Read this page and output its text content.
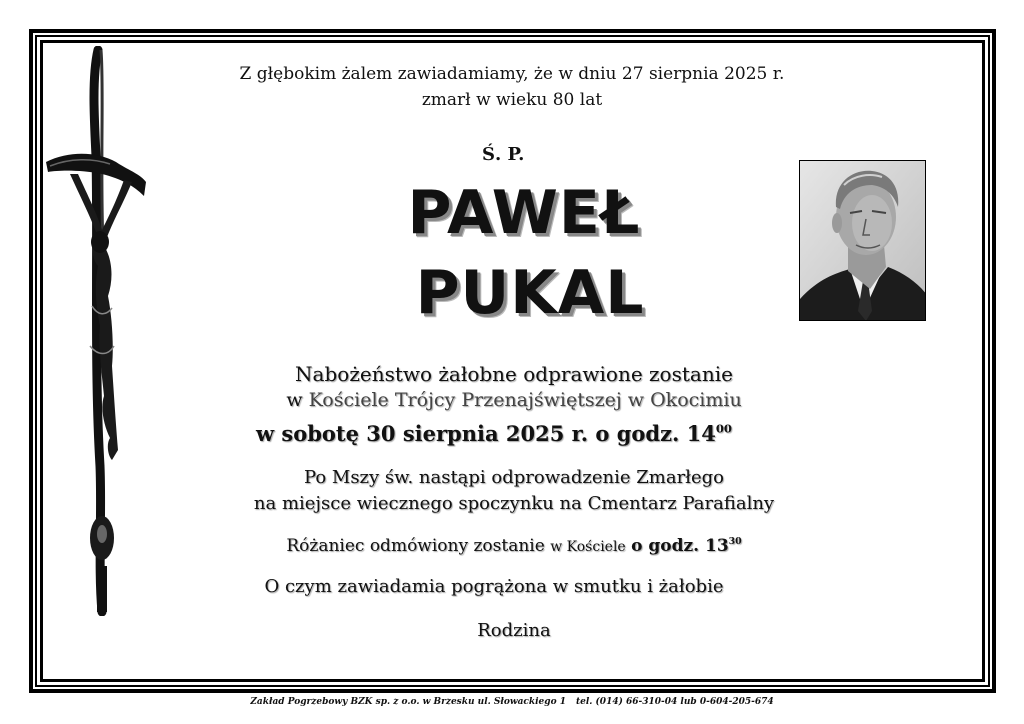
Z głębokim żalem zawiadamiamy, że w dniu 27 sierpnia 2025 r.
zmarł w wieku 80 lat
Ś. P.
PAWEŁ
PUKAL
Nabożeństwo żałobne odprawione zostanie
w Kościele Trójcy Przenajświętszej w Okocimiu
w sobotę 30 sierpnia 2025 r. o godz. $14^{00}$
Po Mszy św. nastąpi odprowadzenie Zmarłego
na miejsce wiecznego spoczynku na Cmentarz Parafialny
Różaniec odmówiony zostanie w Kościele o godz. $13^{30}$
O czym zawiadamia pogrążona w smutku i żałobie
Rodzina
Zakład Pogrzebowy BZK sp. z o.o. w Brzesku ul. Słowackiego 1 tel. (014) 66-310-04 lub 0-604-205-674
